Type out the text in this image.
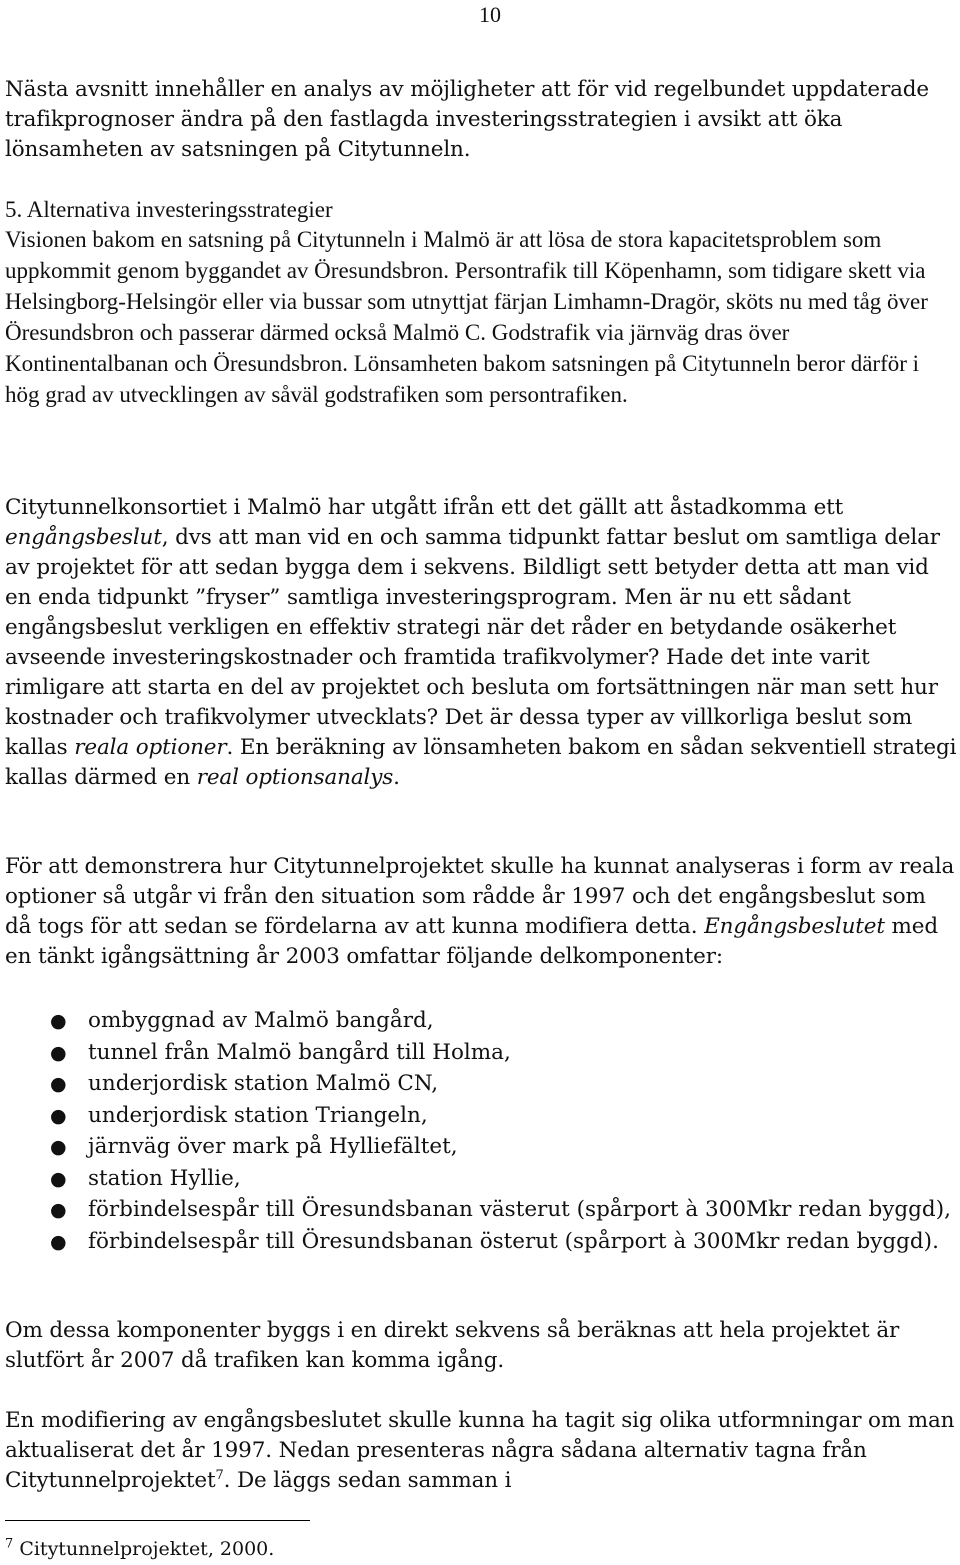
10

Nästa avsnitt innehåller en analys av möjligheter att för vid regelbundet uppdaterade trafikprognoser ändra på den fastlagda investeringsstrategien i avsikt att öka lönsamheten av satsningen på Citytunneln.

5. Alternativa investeringsstrategier
Visionen bakom en satsning på Citytunneln i Malmö är att lösa de stora kapacitetsproblem som uppkommit genom byggandet av Öresundsbron. Persontrafik till Köpenhamn, som tidigare skett via Helsingborg-Helsingör eller via bussar som utnyttjat färjan Limhamn-Dragör, sköts nu med tåg över Öresundsbron och passerar därmed också Malmö C. Godstrafik via järnväg dras över Kontinentalbanan och Öresundsbron. Lönsamheten bakom satsningen på Citytunneln beror därför i hög grad av utvecklingen av såväl godstrafiken som persontrafiken.

Citytunnelkonsortiet i Malmö har utgått ifrån ett det gällt att åstadkomma ett engångsbeslut, dvs att man vid en och samma tidpunkt fattar beslut om samtliga delar av projektet för att sedan bygga dem i sekvens. Bildligt sett betyder detta att man vid en enda tidpunkt ”fryser” samtliga investeringsprogram. Men är nu ett sådant engångsbeslut verkligen en effektiv strategi när det råder en betydande osäkerhet avseende investeringskostnader och framtida trafikvolymer? Hade det inte varit rimligare att starta en del av projektet och besluta om fortsättningen när man sett hur kostnader och trafikvolymer utvecklats? Det är dessa typer av villkorliga beslut som kallas reala optioner. En beräkning av lönsamheten bakom en sådan sekventiell strategi kallas därmed en real optionsanalys.

För att demonstrera hur Citytunnelprojektet skulle ha kunnat analyseras i form av reala optioner så utgår vi från den situation som rådde år 1997 och det engångsbeslut som då togs för att sedan se fördelarna av att kunna modifiera detta. Engångsbeslutet med en tänkt igångsättning år 2003 omfattar följande delkomponenter:

● ombyggnad av Malmö bangård,
● tunnel från Malmö bangård till Holma,
● underjordisk station Malmö CN,
● underjordisk station Triangeln,
● järnväg över mark på Hylliefältet,
● station Hyllie,
● förbindelsespår till Öresundsbanan västerut (spårport à 300Mkr redan byggd),
● förbindelsespår till Öresundsbanan österut (spårport à 300Mkr redan byggd).

Om dessa komponenter byggs i en direkt sekvens så beräknas att hela projektet är slutfört år 2007 då trafiken kan komma igång.

En modifiering av engångsbeslutet skulle kunna ha tagit sig olika utformningar om man aktualiserat det år 1997. Nedan presenteras några sådana alternativ tagna från Citytunnelprojektet$^7$. De läggs sedan samman i

$^7$ Citytunnelprojektet, 2000.
